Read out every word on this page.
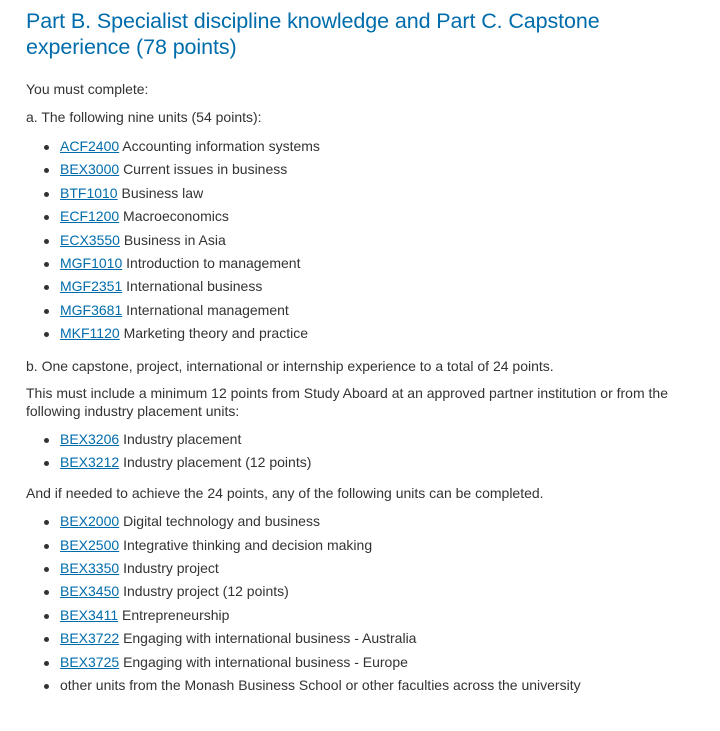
Part B. Specialist discipline knowledge and Part C. Capstone experience (78 points)

You must complete:

a. The following nine units (54 points):

ACF2400 Accounting information systems
BEX3000 Current issues in business
BTF1010 Business law
ECF1200 Macroeconomics
ECX3550 Business in Asia
MGF1010 Introduction to management
MGF2351 International business
MGF3681 International management
MKF1120 Marketing theory and practice

b. One capstone, project, international or internship experience to a total of 24 points.

This must include a minimum 12 points from Study Aboard at an approved partner institution or from the following industry placement units:

BEX3206 Industry placement
BEX3212 Industry placement (12 points)

And if needed to achieve the 24 points, any of the following units can be completed.

BEX2000 Digital technology and business
BEX2500 Integrative thinking and decision making
BEX3350 Industry project
BEX3450 Industry project (12 points)
BEX3411 Entrepreneurship
BEX3722 Engaging with international business - Australia
BEX3725 Engaging with international business - Europe
other units from the Monash Business School or other faculties across the university
